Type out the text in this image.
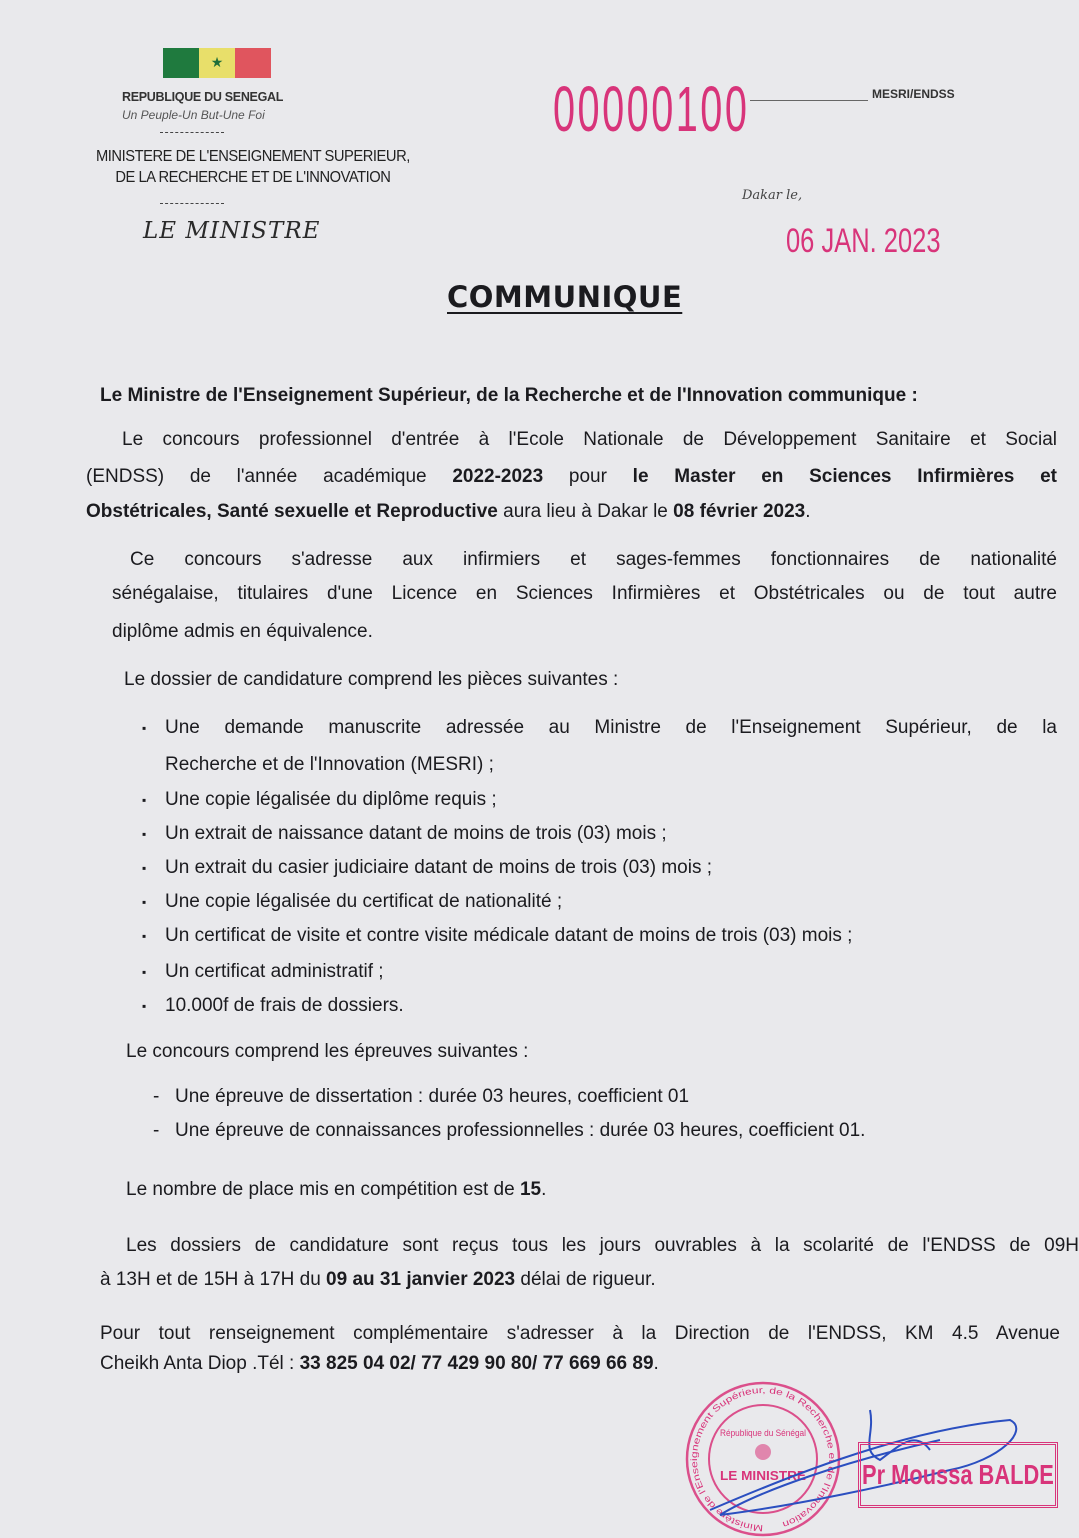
★
REPUBLIQUE DU SENEGAL
Un Peuple-Un But-Une Foi
MINISTERE DE L'ENSEIGNEMENT SUPERIEUR,
DE LA RECHERCHE ET DE L'INNOVATION
LE MINISTRE
00000100	MESRI/ENDSS
Dakar le,
06 JAN. 2023
COMMUNIQUE
Le Ministre de l'Enseignement Supérieur, de la Recherche et de l'Innovation communique :
Le concours professionnel d'entrée à l'Ecole Nationale de Développement Sanitaire et Social
(ENDSS) de l'année académique 2022-2023 pour le Master en Sciences Infirmières et
Obstétricales, Santé sexuelle et Reproductive aura lieu à Dakar le 08 février 2023.
Ce concours s'adresse aux infirmiers et sages-femmes fonctionnaires de nationalité
sénégalaise, titulaires d'une Licence en Sciences Infirmières et Obstétricales ou de tout autre
diplôme admis en équivalence.
Le dossier de candidature comprend les pièces suivantes :
Une demande manuscrite adressée au Ministre de l'Enseignement Supérieur, de la
▪
Recherche et de l'Innovation (MESRI) ;
Une copie légalisée du diplôme requis ;
▪
Un extrait de naissance datant de moins de trois (03) mois ;
▪
Un extrait du casier judiciaire datant de moins de trois (03) mois ;
▪
Une copie légalisée du certificat de nationalité ;
▪
Un certificat de visite et contre visite médicale datant de moins de trois (03) mois ;
▪
Un certificat administratif ;
▪
10.000f de frais de dossiers.
▪
Le concours comprend les épreuves suivantes :
Une épreuve de dissertation : durée 03 heures, coefficient 01
-
Une épreuve de connaissances professionnelles : durée 03 heures, coefficient 01.
-
Le nombre de place mis en compétition est de 15.
Les dossiers de candidature sont reçus tous les jours ouvrables à la scolarité de l'ENDSS de 09H
à 13H et de 15H à 17H du 09 au 31 janvier 2023 délai de rigueur.
Pour tout renseignement complémentaire s'adresser à la Direction de l'ENDSS, KM 4.5 Avenue
Cheikh Anta Diop .Tél : 33 825 04 02/ 77 429 90 80/ 77 669 66 89.
Ministère de l'Enseignement Supérieur, de la Recherche et de l'Innovation
République du Sénégal
LE MINISTRE Pr Moussa BALDE
